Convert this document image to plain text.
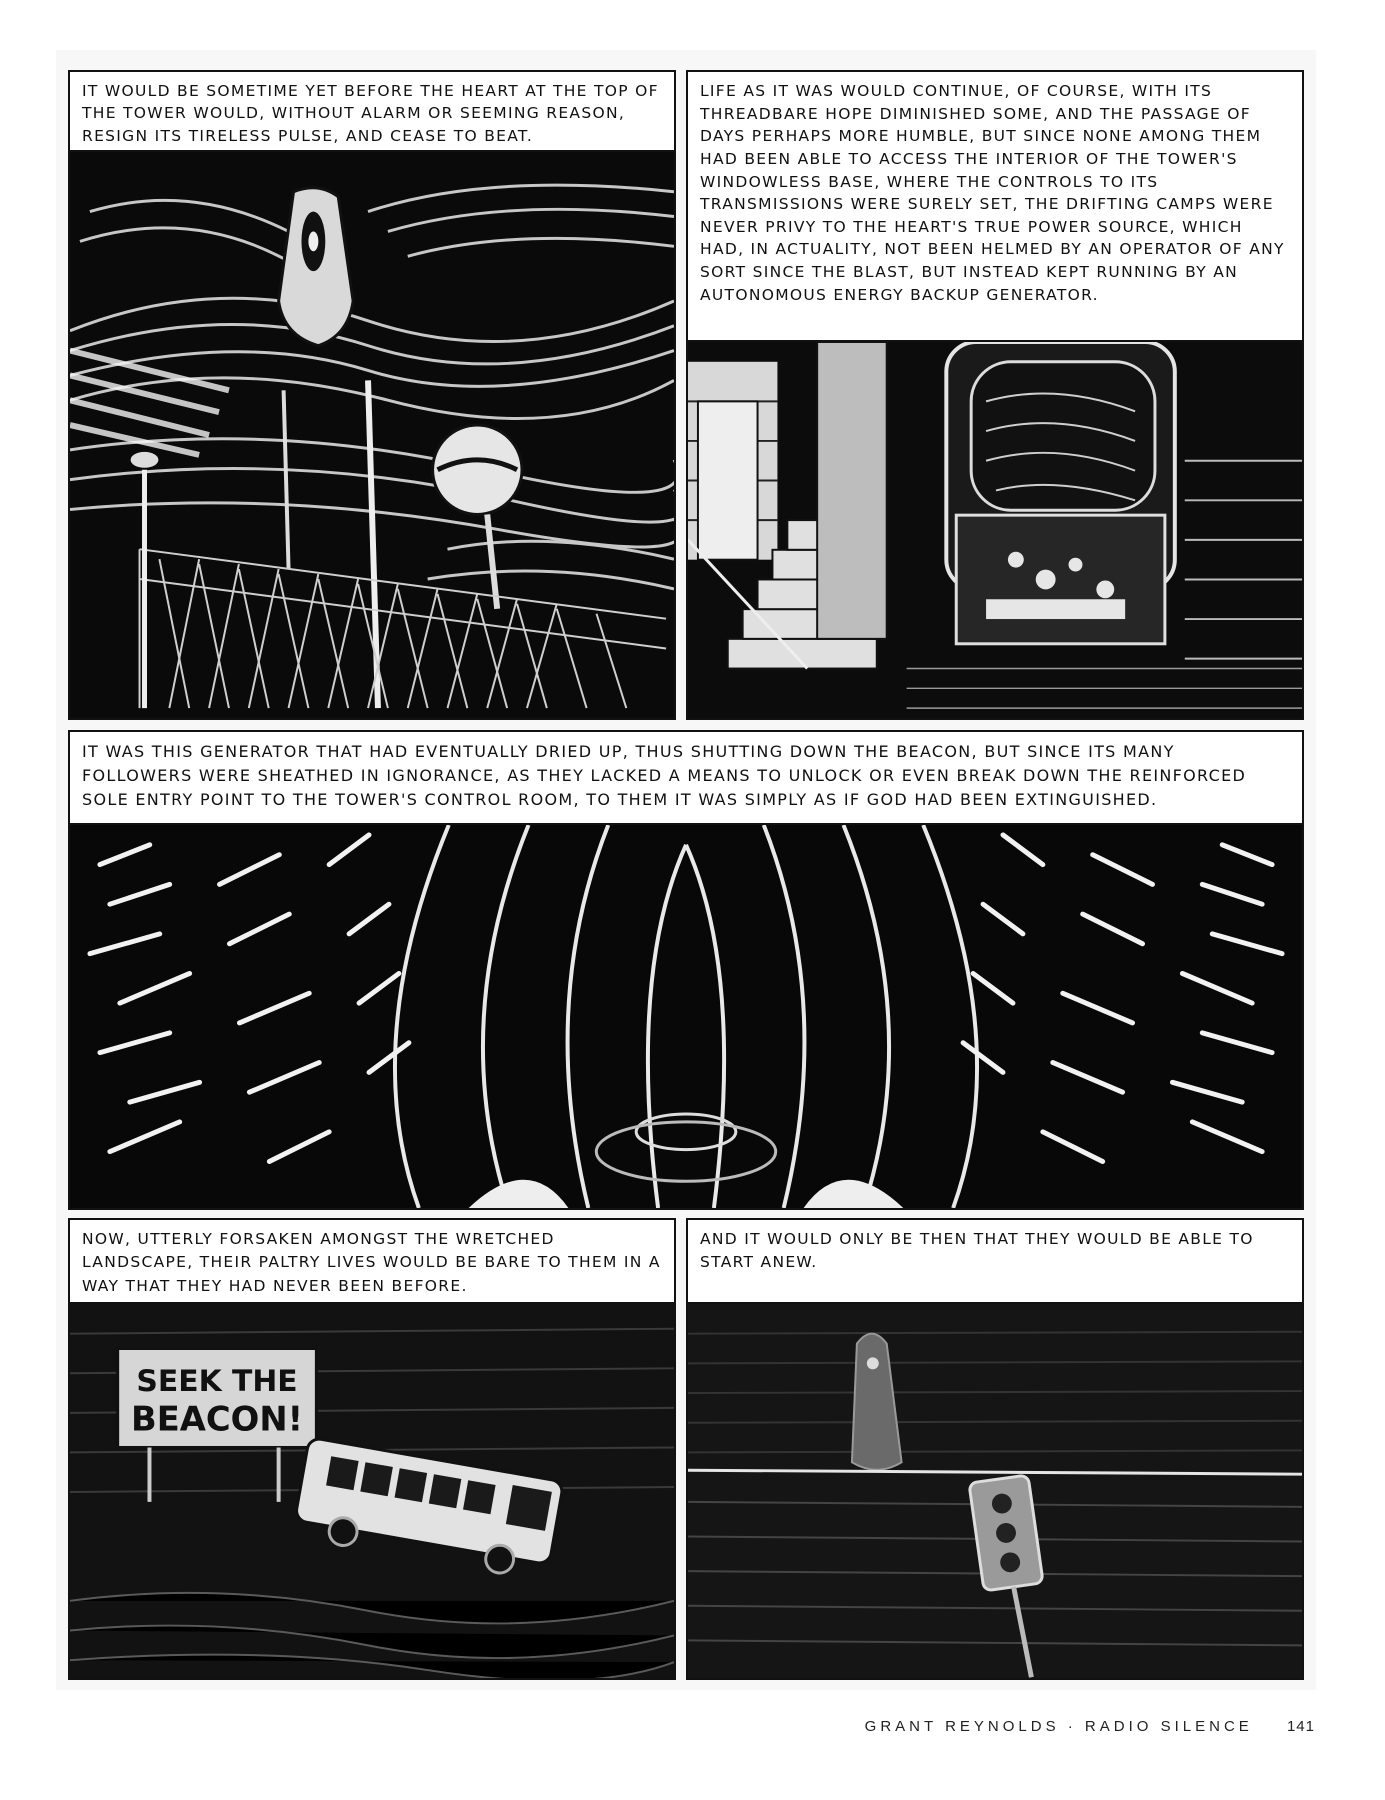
IT WOULD BE SOMETIME YET BEFORE THE HEART AT THE TOP OF THE TOWER WOULD, WITHOUT ALARM OR SEEMING REASON, RESIGN ITS TIRELESS PULSE, AND CEASE TO BEAT.
LIFE AS IT WAS WOULD CONTINUE, OF COURSE, WITH ITS THREADBARE HOPE DIMINISHED SOME, AND THE PASSAGE OF DAYS PERHAPS MORE HUMBLE, BUT SINCE NONE AMONG THEM HAD BEEN ABLE TO ACCESS THE INTERIOR OF THE TOWER'S WINDOWLESS BASE, WHERE THE CONTROLS TO ITS TRANSMISSIONS WERE SURELY SET, THE DRIFTING CAMPS WERE NEVER PRIVY TO THE HEART'S TRUE POWER SOURCE, WHICH HAD, IN ACTUALITY, NOT BEEN HELMED BY AN OPERATOR OF ANY SORT SINCE THE BLAST, BUT INSTEAD KEPT RUNNING BY AN AUTONOMOUS ENERGY BACKUP GENERATOR.
IT WAS THIS GENERATOR THAT HAD EVENTUALLY DRIED UP, THUS SHUTTING DOWN THE BEACON, BUT SINCE ITS MANY FOLLOWERS WERE SHEATHED IN IGNORANCE, AS THEY LACKED A MEANS TO UNLOCK OR EVEN BREAK DOWN THE REINFORCED SOLE ENTRY POINT TO THE TOWER'S CONTROL ROOM, TO THEM IT WAS SIMPLY AS IF GOD HAD BEEN EXTINGUISHED.
NOW, UTTERLY FORSAKEN AMONGST THE WRETCHED LANDSCAPE, THEIR PALTRY LIVES WOULD BE BARE TO THEM IN A WAY THAT THEY HAD NEVER BEEN BEFORE.
SEEK THE
BEACON!
AND IT WOULD ONLY BE THEN THAT THEY WOULD BE ABLE TO START ANEW.
GRANT REYNOLDS · RADIO SILENCE 141
